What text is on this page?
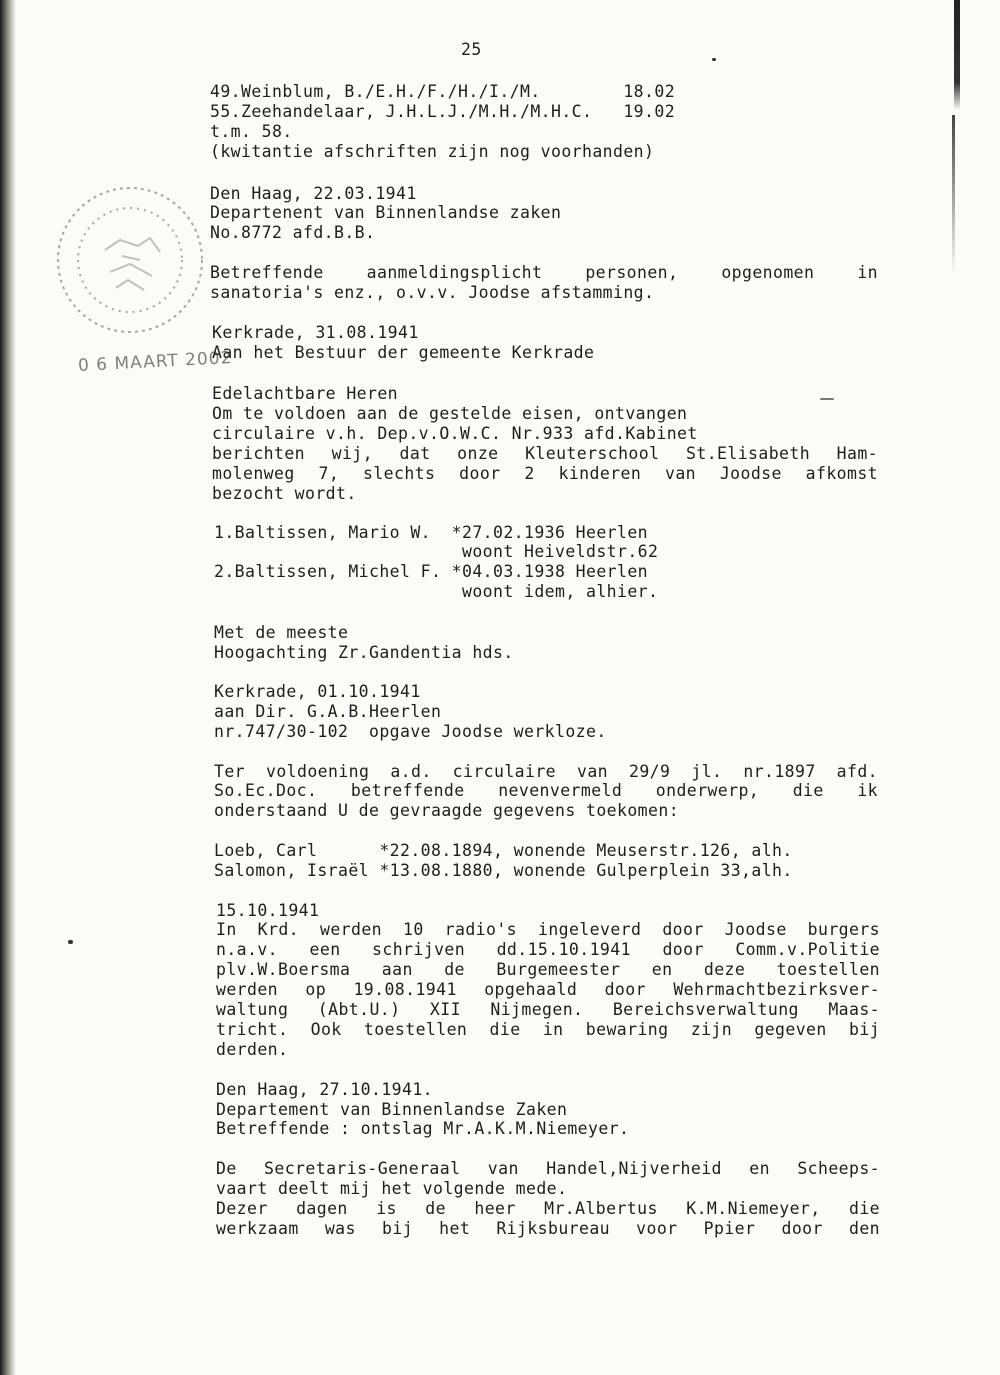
0 6 MAART 2002
25
49.Weinblum, B./E.H./F./H./I./M.        18.02
55.Zeehandelaar, J.H.L.J./M.H./M.H.C.   19.02
t.m. 58.
(kwitantie afschriften zijn nog voorhanden)
Den Haag, 22.03.1941
Departenent van Binnenlandse zaken
No.8772 afd.B.B.
Betreffende aanmeldingsplicht personen, opgenomen in
sanatoria's enz., o.v.v. Joodse afstamming.
Kerkrade, 31.08.1941
Aan het Bestuur der gemeente Kerkrade
Edelachtbare Heren
Om te voldoen aan de gestelde eisen, ontvangen
circulaire v.h. Dep.v.O.W.C. Nr.933 afd.Kabinet
berichten wij, dat onze Kleuterschool St.Elisabeth Ham-
molenweg 7, slechts door 2 kinderen van Joodse afkomst
bezocht wordt.
1.Baltissen, Mario W.  *27.02.1936 Heerlen
woont Heiveldstr.62
2.Baltissen, Michel F. *04.03.1938 Heerlen
woont idem, alhier.
Met de meeste
Hoogachting Zr.Gandentia hds.
Kerkrade, 01.10.1941
aan Dir. G.A.B.Heerlen
nr.747/30-102  opgave Joodse werkloze.
Ter voldoening a.d. circulaire van 29/9 jl. nr.1897 afd.
So.Ec.Doc. betreffende nevenvermeld onderwerp, die ik
onderstaand U de gevraagde gegevens toekomen:
Loeb, Carl      *22.08.1894, wonende Meuserstr.126, alh.
Salomon, Israël *13.08.1880, wonende Gulperplein 33,alh.
15.10.1941
In Krd. werden 10 radio's ingeleverd door Joodse burgers
n.a.v. een schrijven dd.15.10.1941 door Comm.v.Politie
plv.W.Boersma aan de Burgemeester en deze toestellen
werden op 19.08.1941 opgehaald door Wehrmachtbezirksver-
waltung (Abt.U.) XII Nijmegen. Bereichsverwaltung Maas-
tricht. Ook toestellen die in bewaring zijn gegeven bij
derden.
Den Haag, 27.10.1941.
Departement van Binnenlandse Zaken
Betreffende : ontslag Mr.A.K.M.Niemeyer.
De Secretaris-Generaal van Handel,Nijverheid en Scheeps-
vaart deelt mij het volgende mede.
Dezer dagen is de heer Mr.Albertus K.M.Niemeyer, die
werkzaam was bij het Rijksbureau voor Ppier door den
